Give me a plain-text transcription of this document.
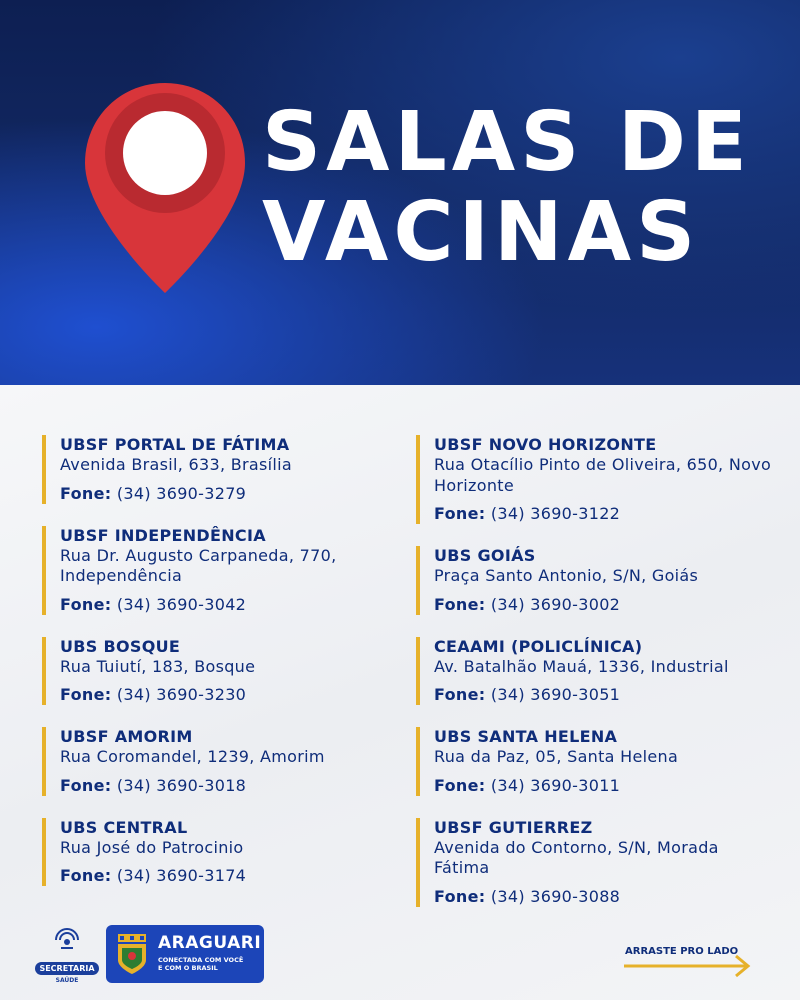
SALAS DE
VACINAS
UBSF PORTAL DE FÁTIMA
Avenida Brasil, 633, Brasília
Fone: (34) 3690-3279
UBSF INDEPENDÊNCIA
Rua Dr. Augusto Carpaneda, 770, Independência
Fone: (34) 3690-3042
UBS BOSQUE
Rua Tuiutí, 183, Bosque
Fone: (34) 3690-3230
UBSF AMORIM
Rua Coromandel, 1239, Amorim
Fone: (34) 3690-3018
UBS CENTRAL
Rua José do Patrocinio
Fone: (34) 3690-3174
UBSF NOVO HORIZONTE
Rua Otacílio Pinto de Oliveira, 650, Novo Horizonte
Fone: (34) 3690-3122
UBS GOIÁS
Praça Santo Antonio, S/N, Goiás
Fone: (34) 3690-3002
CEAAMI (POLICLÍNICA)
Av. Batalhão Mauá, 1336, Industrial
Fone: (34) 3690-3051
UBS SANTA HELENA
Rua da Paz, 05, Santa Helena
Fone: (34) 3690-3011
UBSF GUTIERREZ
Avenida do Contorno, S/N, Morada Fátima
Fone: (34) 3690-3088
SECRETARIA
SAÚDE
ARAGUARI
CONECTADA COM VOCÊ
E COM O BRASIL
ARRASTE PRO LADO
